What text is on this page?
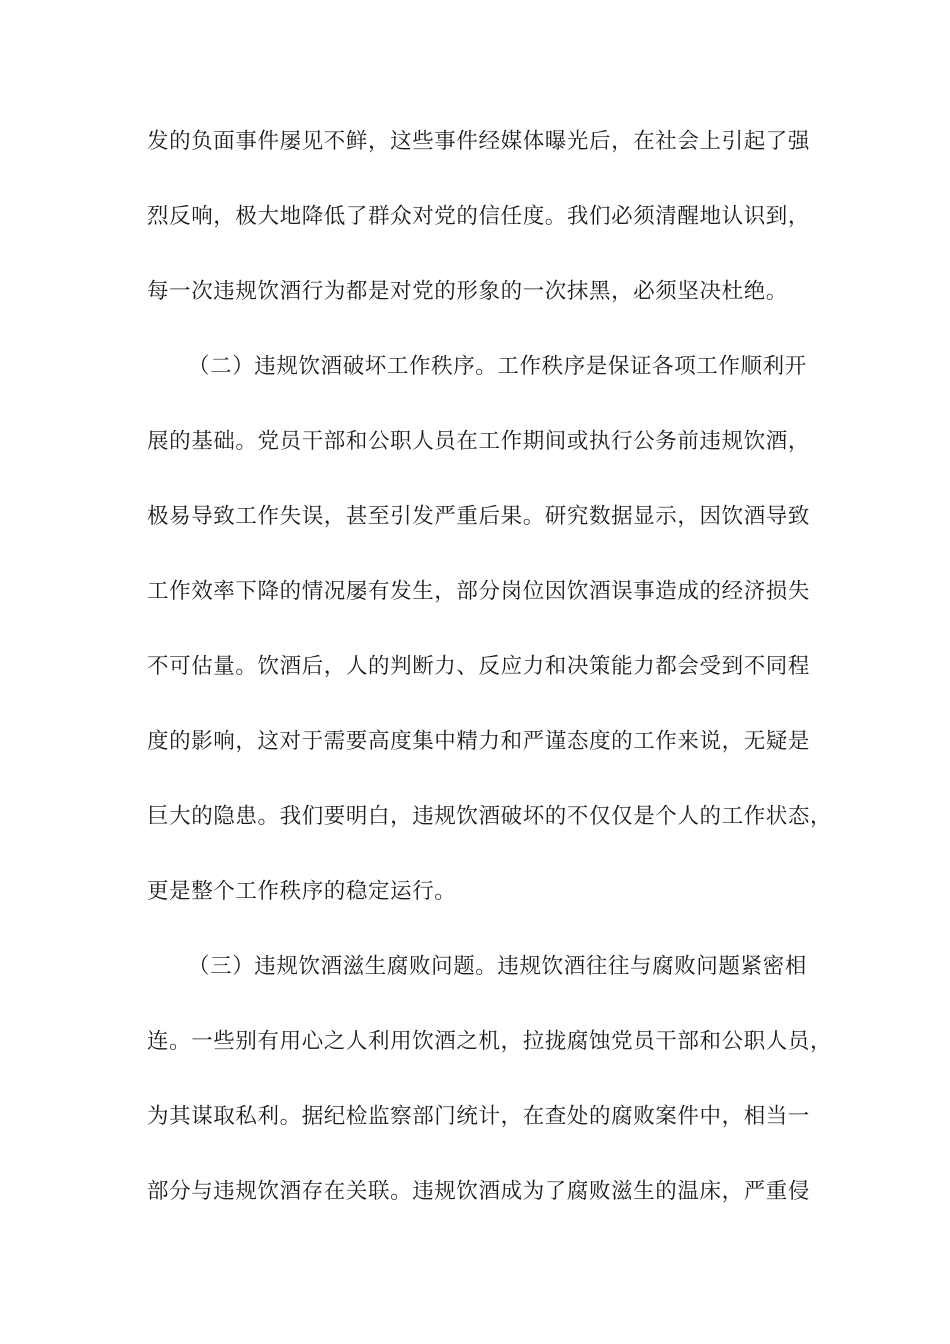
发的负面事件屡见不鲜，这些事件经媒体曝光后，在社会上引起了强
烈反响，极大地降低了群众对党的信任度。我们必须清醒地认识到，
每一次违规饮酒行为都是对党的形象的一次抹黑，必须坚决杜绝。
（二）违规饮酒破坏工作秩序。工作秩序是保证各项工作顺利开
展的基础。党员干部和公职人员在工作期间或执行公务前违规饮酒，
极易导致工作失误，甚至引发严重后果。研究数据显示，因饮酒导致
工作效率下降的情况屡有发生，部分岗位因饮酒误事造成的经济损失
不可估量。饮酒后，人的判断力、反应力和决策能力都会受到不同程
度的影响，这对于需要高度集中精力和严谨态度的工作来说，无疑是
巨大的隐患。我们要明白，违规饮酒破坏的不仅仅是个人的工作状态，
更是整个工作秩序的稳定运行。
（三）违规饮酒滋生腐败问题。违规饮酒往往与腐败问题紧密相
连。一些别有用心之人利用饮酒之机，拉拢腐蚀党员干部和公职人员，
为其谋取私利。据纪检监察部门统计，在查处的腐败案件中，相当一
部分与违规饮酒存在关联。违规饮酒成为了腐败滋生的温床，严重侵
